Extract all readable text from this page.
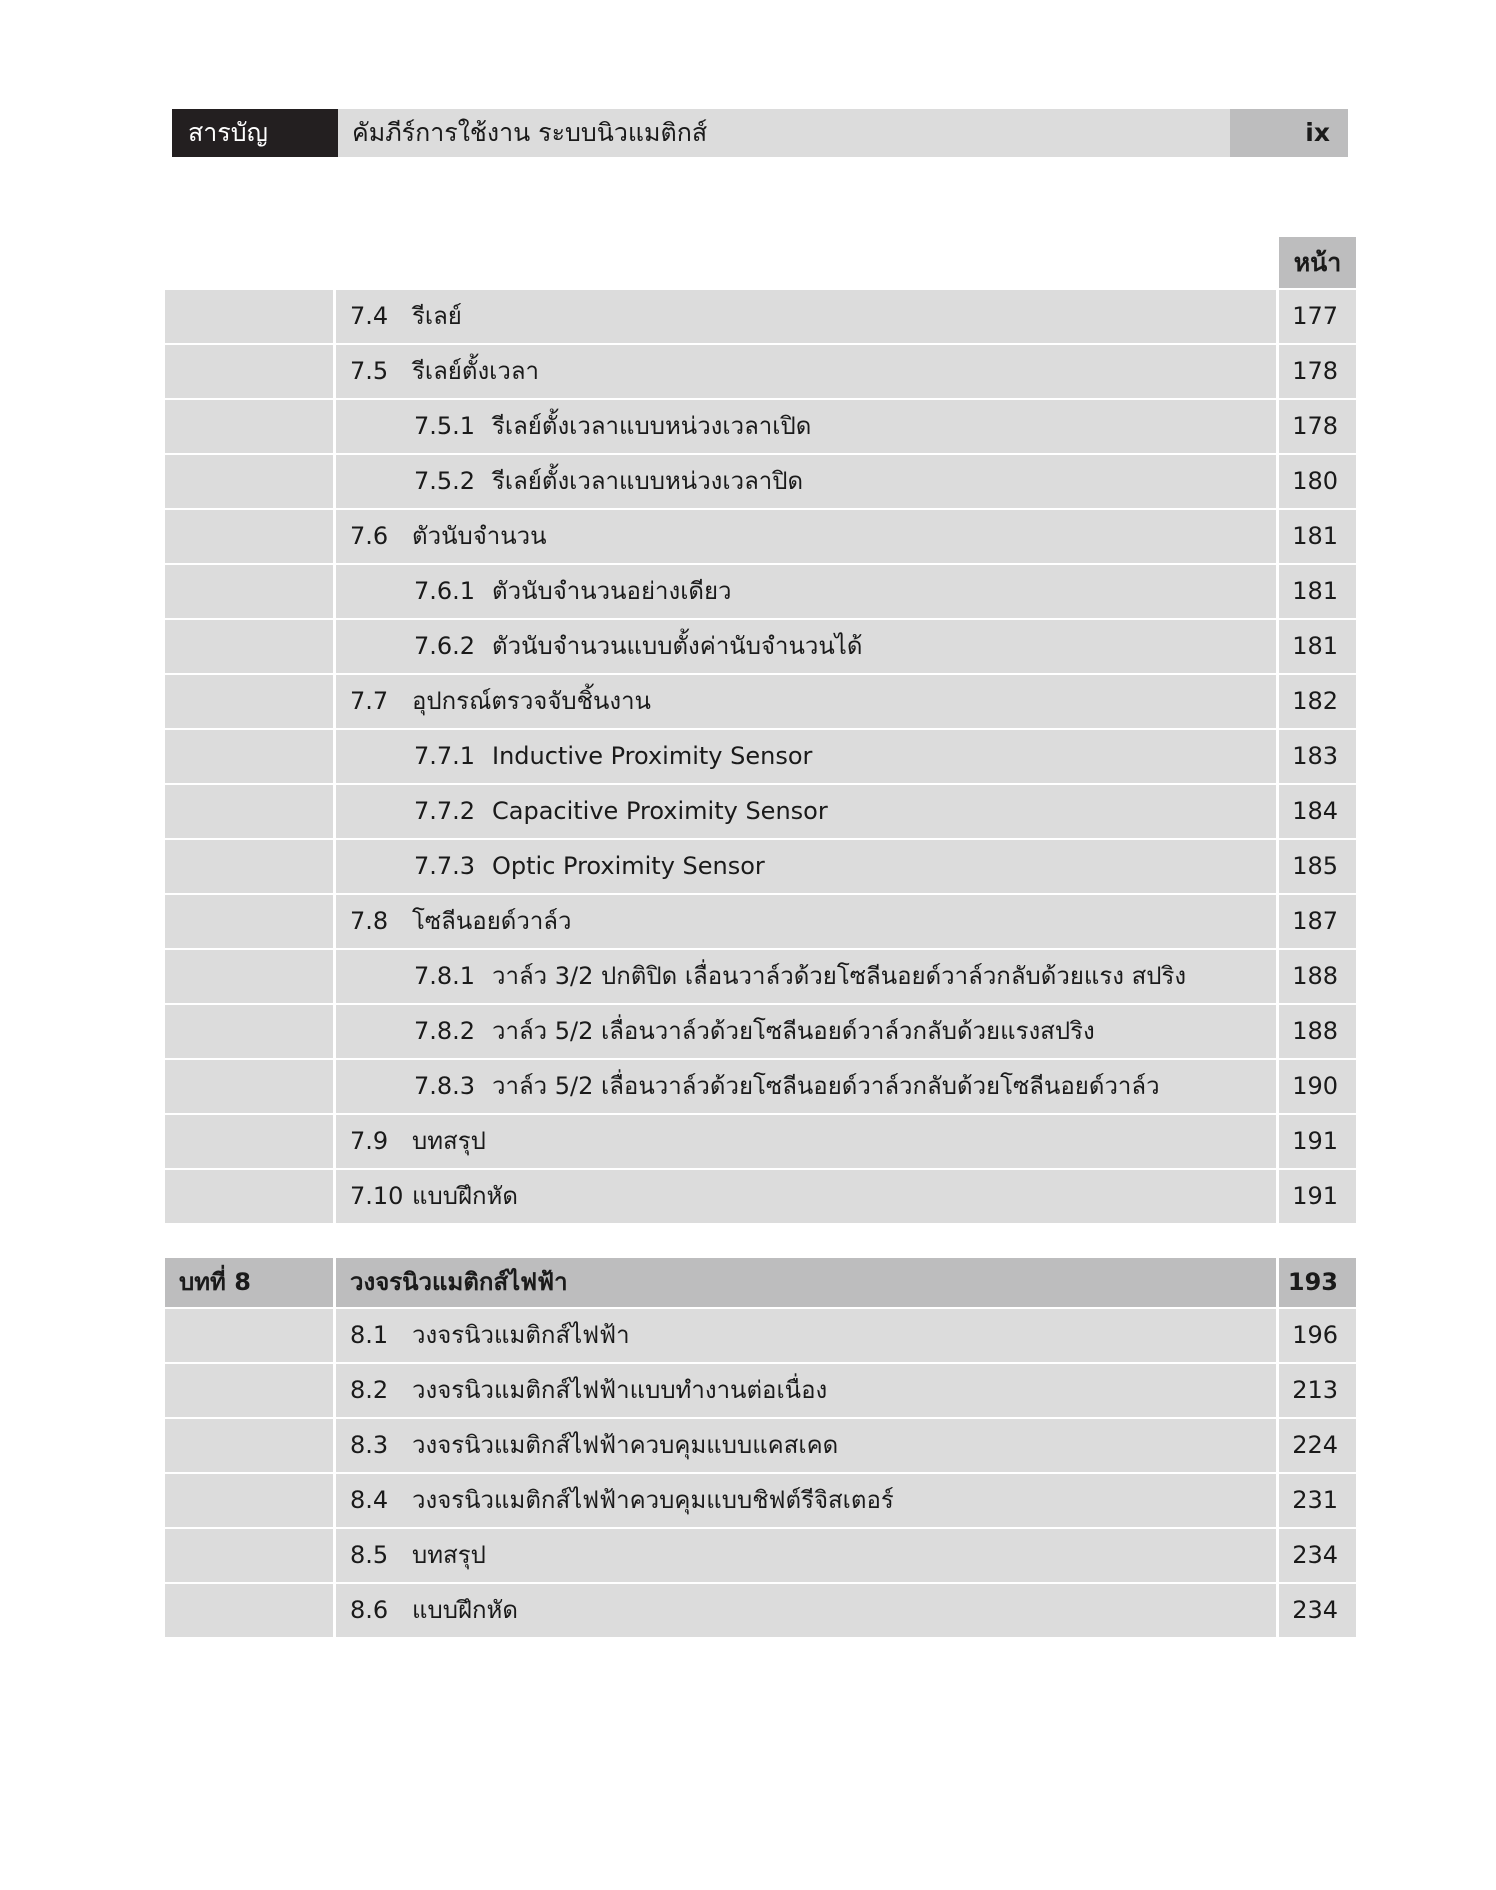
สารบัญ	คัมภีร์การใช้งาน ระบบนิวแมติกส์	ix
หน้า
7.4 รีเลย์	177
7.5 รีเลย์ตั้งเวลา	178
7.5.1 รีเลย์ตั้งเวลาแบบหน่วงเวลาเปิด	178
7.5.2 รีเลย์ตั้งเวลาแบบหน่วงเวลาปิด	180
7.6 ตัวนับจำนวน	181
7.6.1 ตัวนับจำนวนอย่างเดียว	181
7.6.2 ตัวนับจำนวนแบบตั้งค่านับจำนวนได้	181
7.7 อุปกรณ์ตรวจจับชิ้นงาน	182
7.7.1 Inductive Proximity Sensor	183
7.7.2 Capacitive Proximity Sensor	184
7.7.3 Optic Proximity Sensor	185
7.8 โซลีนอยด์วาล์ว	187
7.8.1 วาล์ว 3/2 ปกติปิด เลื่อนวาล์วด้วยโซลีนอยด์วาล์วกลับด้วยแรง สปริง	188
7.8.2 วาล์ว 5/2 เลื่อนวาล์วด้วยโซลีนอยด์วาล์วกลับด้วยแรงสปริง	188
7.8.3 วาล์ว 5/2 เลื่อนวาล์วด้วยโซลีนอยด์วาล์วกลับด้วยโซลีนอยด์วาล์ว	190
7.9 บทสรุป	191
7.10 แบบฝึกหัด	191
บทที่ 8	วงจรนิวแมติกส์ไฟฟ้า	193
8.1 วงจรนิวแมติกส์ไฟฟ้า	196
8.2 วงจรนิวแมติกส์ไฟฟ้าแบบทำงานต่อเนื่อง	213
8.3 วงจรนิวแมติกส์ไฟฟ้าควบคุมแบบแคสเคด	224
8.4 วงจรนิวแมติกส์ไฟฟ้าควบคุมแบบชิฟต์รีจิสเตอร์	231
8.5 บทสรุป	234
8.6 แบบฝึกหัด	234
